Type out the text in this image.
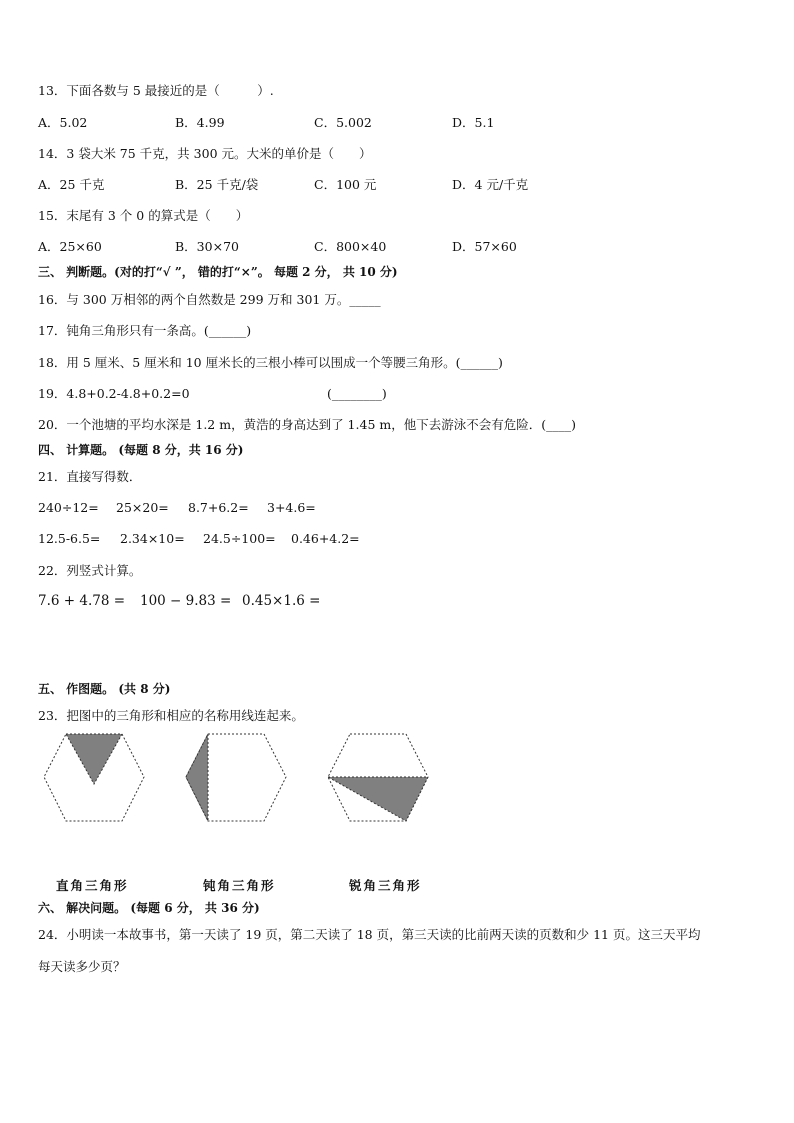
13．下面各数与 5 最接近的是（　　　）.
A．5.02	B．4.99	C．5.002	D．5.1
14．3 袋大米 75 千克，共 300 元。大米的单价是（　　）
A．25 千克	B．25 千克/袋	C．100 元	D．4 元/千克
15．末尾有 3 个 0 的算式是（　　）
A．25×60	B．30×70	C．800×40	D．57×60
三、 判断题。(对的打“√ ”， 错的打“×”。 每题 2 分， 共 10 分)
16．与 300 万相邻的两个自然数是 299 万和 301 万。_____
17．钝角三角形只有一条高。(______)
18．用 5 厘米、5 厘米和 10 厘米长的三根小棒可以围成一个等腰三角形。(______)
19．4.8+0.2-4.8+0.2=0　　　　　　　　　　　(________)
20．一个池塘的平均水深是 1.2 m，黄浩的身高达到了 1.45 m，他下去游泳不会有危险．(____)
四、 计算题。 (每题 8 分，共 16 分)
21．直接写得数．
240÷12= 25×20= 8.7+6.2= 3+4.6=
12.5-6.5= 2.34×10= 24.5÷100= 0.46+4.2=
22．列竖式计算。
7.6 + 4.78 = 100 − 9.83 = 0.45×1.6 =
五、 作图题。 (共 8 分)
23．把图中的三角形和相应的名称用线连起来。
直角三角形	钝角三角形	锐角三角形
六、 解决问题。 (每题 6 分， 共 36 分)
24．小明读一本故事书，第一天读了 19 页，第二天读了 18 页，第三天读的比前两天读的页数和少 11 页。这三天平均
每天读多少页？
